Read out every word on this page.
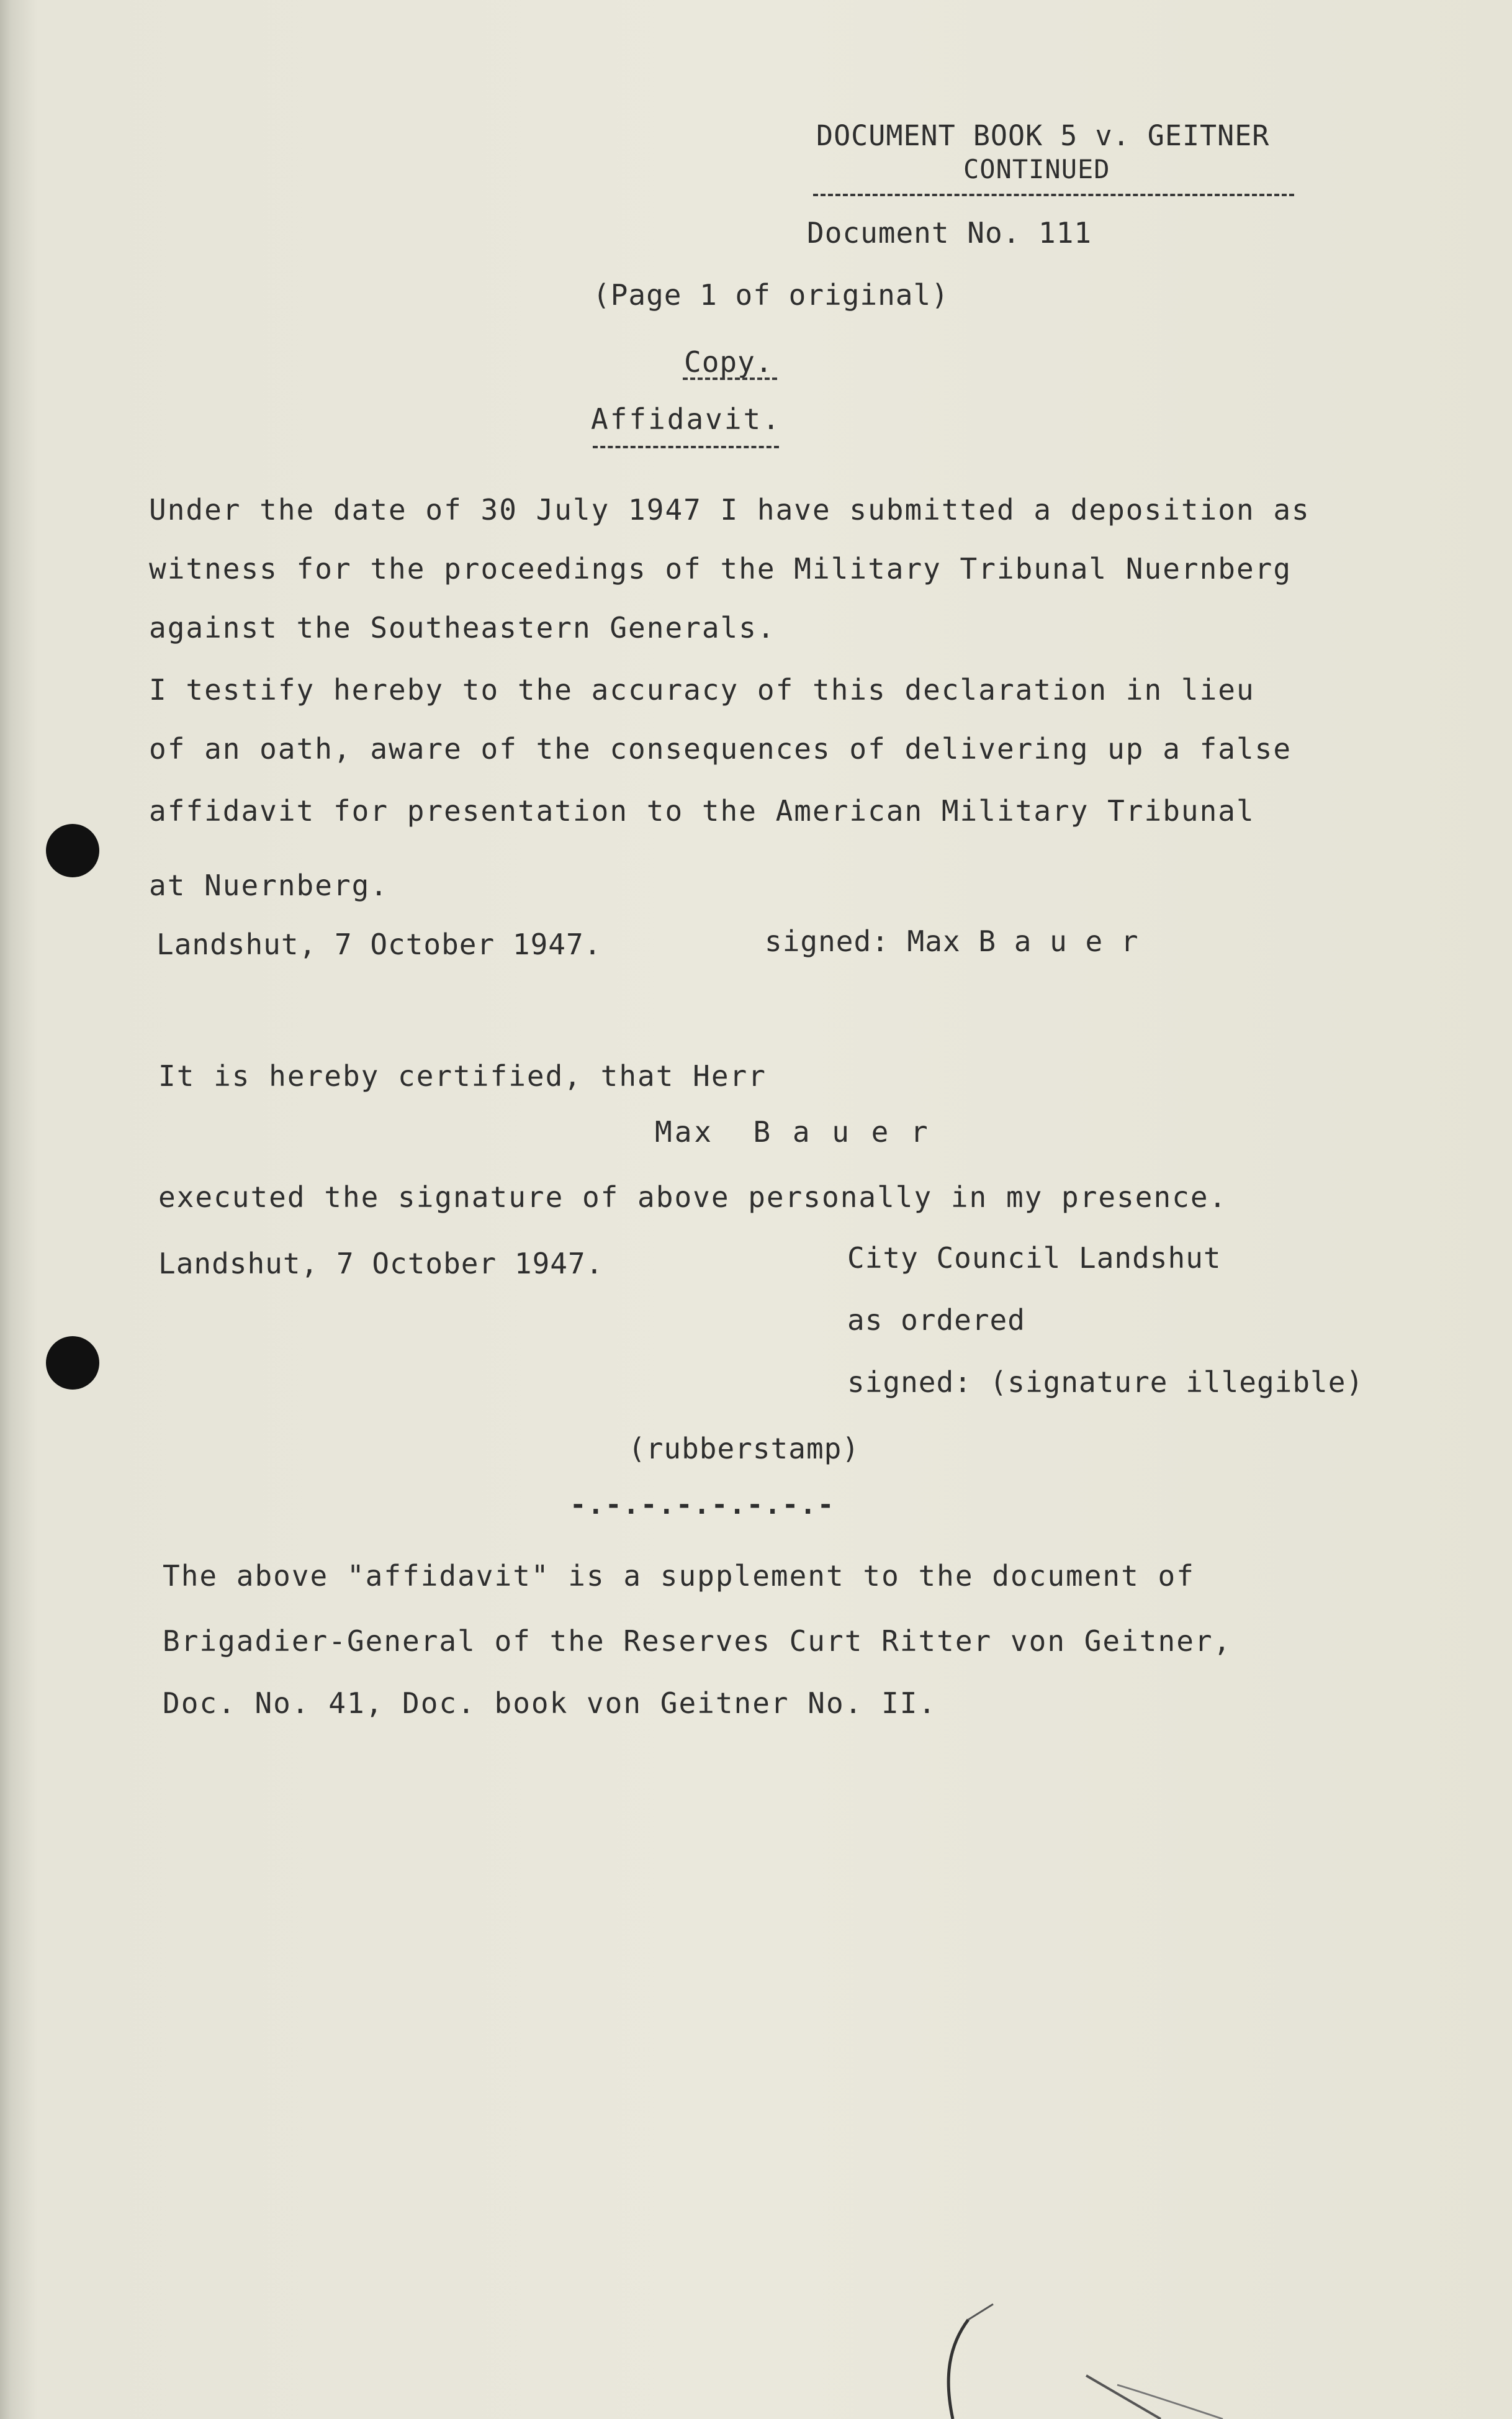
DOCUMENT BOOK 5 v. GEITNER
CONTINUED
Document No. 111
(Page 1 of original)
Copy.
Affidavit.
Under the date of 30 July 1947 I have submitted a deposition as
witness for the proceedings of the Military Tribunal Nuernberg
against the Southeastern Generals.
I testify hereby to the accuracy of this declaration in lieu
of an oath, aware of the consequences of delivering up a false
affidavit for presentation to the American Military Tribunal
at Nuernberg.
Landshut, 7 October 1947.	signed: Max B a u e r
It is hereby certified, that Herr
Max  B a u e r
executed the signature of above personally in my presence.
Landshut, 7 October 1947.	City Council Landshut
as ordered
signed: (signature illegible)
(rubberstamp)
-.-.-.-.-.-.-.-
The above "affidavit" is a supplement to the document of
Brigadier-General of the Reserves Curt Ritter von Geitner,
Doc. No. 41, Doc. book von Geitner No. II.
